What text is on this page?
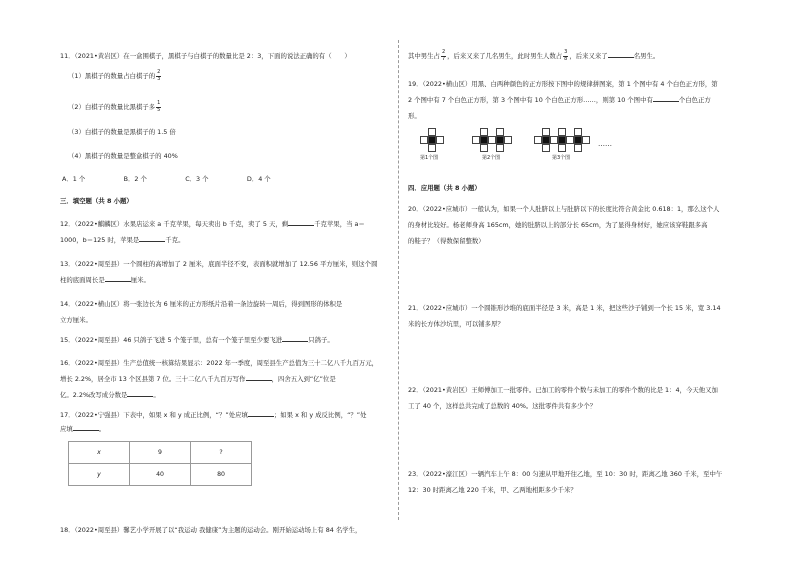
11．（2021•黄岩区）在一盒围棋子，黑棋子与白棋子的数量比是 2：3，下面的说法正确的有（　　）
（1）黑棋子的数量占白棋子的 $\frac{2}{3}$
（2）白棋子的数量比黑棋子多 $\frac{1}{5}$
（3）白棋子的数量是黑棋子的 1.5 倍
（4）黑棋子的数量是整盒棋子的 40%
A．1 个　　　　　　B．2 个　　　　　　C．3 个　　　　　　D．4 个
三．填空题（共 8 小题）
12．（2022•麒麟区）水果店运来 a 千克苹果，每天卖出 b 千克，卖了 5 天，剩	千克苹果，当 a＝
1000，b＝125 时，苹果是	千克。
13．（2022•周至县）一个圆柱的高增加了 2 厘米，底面半径不变，表面积就增加了 12.56 平方厘米，则这个圆
柱的底面周长是	厘米。
14．（2022•横山区）将一张边长为 6 厘米的正方形纸片沿着一条边旋转一周后，得到图形的体积是
立方厘米。
15．（2022•周至县）46 只鸽子飞进 5 个笼子里，总有一个笼子里至少要飞进	只鸽子。
16．（2022•周至县）生产总值统一核算结果显示：2022 年一季度，周至县生产总值为三十二亿八千九百万元，
增长 2.2%，居全市 13 个区县第 7 位。三十二亿八千九百万写作	，四舍五入到“亿”位是
亿。2.2%改写成分数是	。
17．（2022•宁强县）下表中，如果 x 和 y 成正比例，“？”处应填	；如果 x 和 y 成反比例，“？”处
应填	。
x	9	?
y	40	80
18．（2022•周至县）馨艺小学开展了以“我运动 我健康”为主题的运动会。刚开始运动场上有 84 名学生，
其中男生占 $\frac{2}{7}$ ，后来又来了几名男生，此时男生人数占 $\frac{3}{8}$ ，后来又来了	名男生。
19．（2022•横山区）用黑、白两种颜色的正方形按下图中的规律拼图案，第 1 个图中有 4 个白色正方形，第
2 个图中有 7 个白色正方形，第 3 个图中有 10 个白色正方形……，则第 10 个图中有	个白色正方
形。
第1个图	第2个图	第3个图
……
四．应用题（共 8 小题）
20．（2022•应城市）一般认为，如果一个人肚脐以上与肚脐以下的长度比符合黄金比 0.618：1，那么这个人
的身材比较好。杨老师身高 165cm，她的肚脐以上的部分长 65cm，为了显得身材好，她应该穿鞋跟多高
的鞋子？（得数保留整数）
21．（2022•应城市）一个圆锥形沙堆的底面半径是 3 米，高是 1 米，把这些沙子铺到一个长 15 米，宽 3.14
米的长方体沙坑里，可以铺多厚？
22．（2021•黄岩区）王师傅加工一批零件。已加工的零件个数与未加工的零件个数的比是 1：4，今天他又加
工了 40 个，这样总共完成了总数的 40%。这批零件共有多少个？
23．（2022•濠江区）一辆汽车上午 8：00 匀速从甲地开往乙地，至 10：30 时，距离乙地 360 千米，至中午
12：30 时距离乙地 220 千米，甲、乙两地相距多少千米？
